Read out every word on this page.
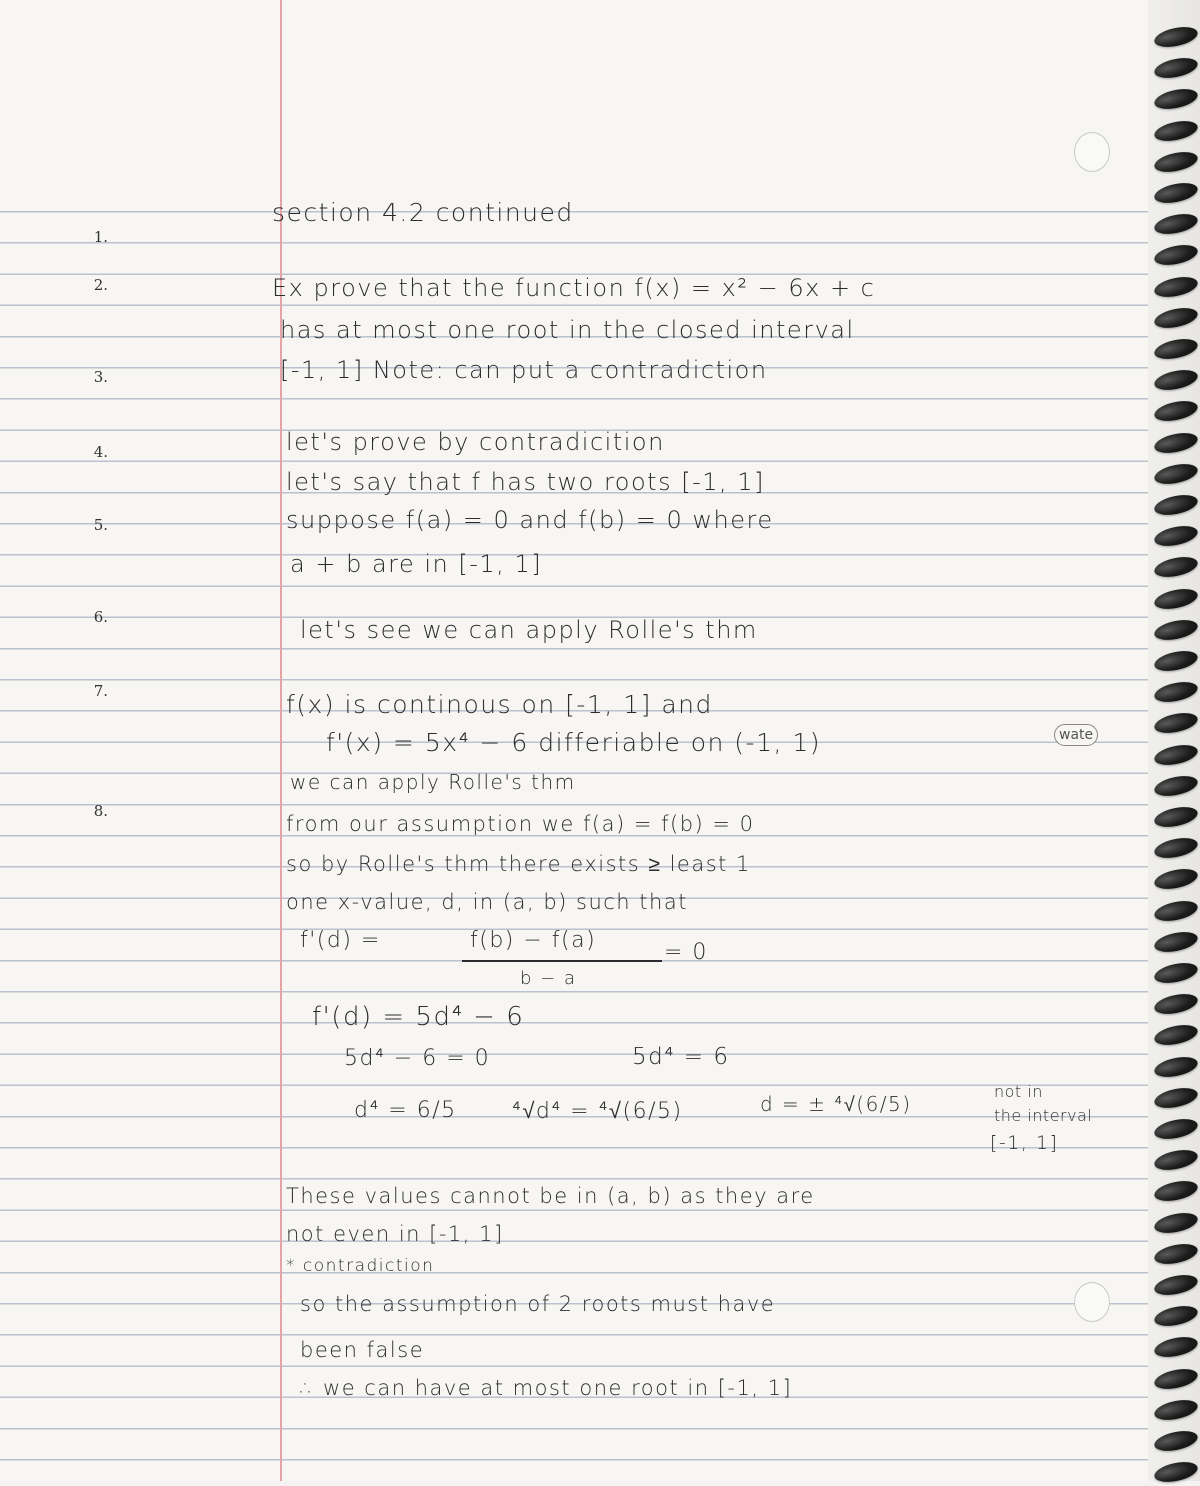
1.
2.
3.
4.
5.
6.
7.
8.
section 4.2 continued
Ex prove that the function f(x) = x² − 6x + c
has at most one root in the closed interval
[-1, 1] Note: can put a contradiction
let's prove by contradicition
let's say that f has two roots [-1, 1]
suppose f(a) = 0 and f(b) = 0 where
a + b are in [-1, 1]
let's see we can apply Rolle's thm
f(x) is continous on [-1, 1] and
f'(x) = 5x⁴ − 6 differiable on (-1, 1)
we can apply Rolle's thm
from our assumption we f(a) = f(b) = 0
so by Rolle's thm there exists ≥ least 1
one x-value, d, in (a, b) such that
f'(d) =	f(b) − f(a)	= 0
b − a
f'(d) = 5d⁴ − 6
5d⁴ − 6 = 0	5d⁴ = 6
d⁴ = 6/5	⁴√d⁴ = ⁴√(6/5)	d = ± ⁴√(6/5)
not in
the interval
[-1, 1]
These values cannot be in (a, b) as they are
not even in [-1, 1]
* contradiction
so the assumption of 2 roots must have
been false
∴ we can have at most one root in [-1, 1]
wate
